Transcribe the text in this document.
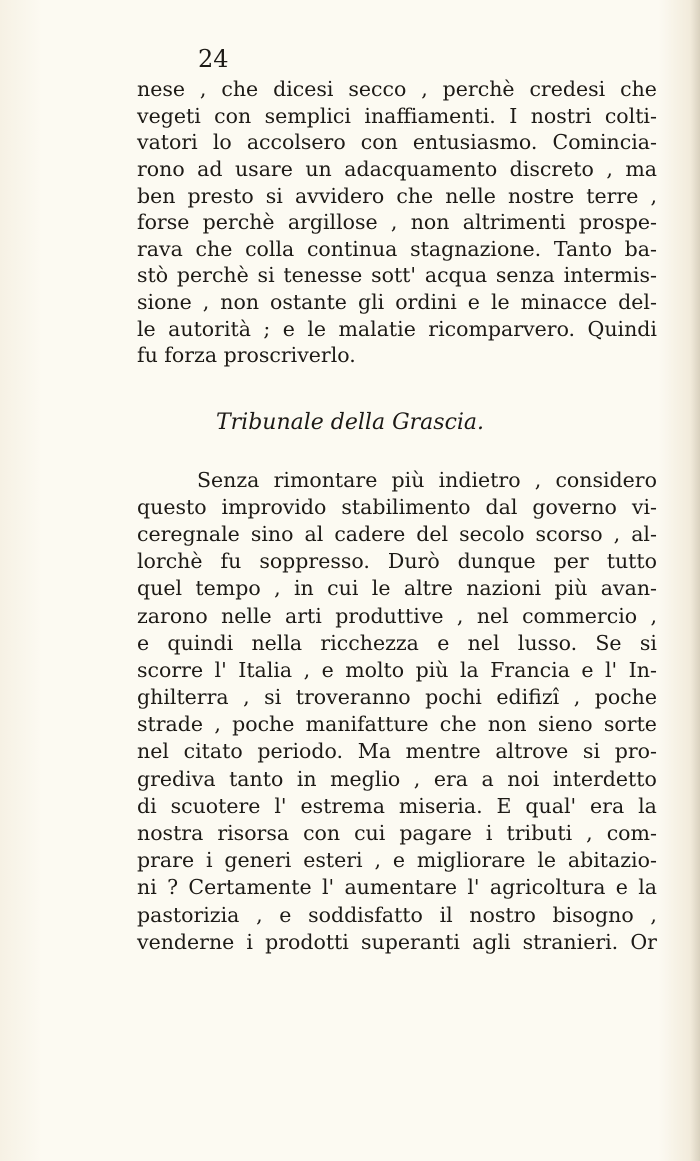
24
nese , che dicesi secco , perchè credesi che
vegeti con semplici inaffiamenti. I nostri colti-
vatori lo accolsero con entusiasmo. Comincia-
rono ad usare un adacquamento discreto , ma
ben presto si avvidero che nelle nostre terre ,
forse perchè argillose , non altrimenti prospe-
rava che colla continua stagnazione. Tanto ba-
stò perchè si tenesse sott' acqua senza intermis-
sione , non ostante gli ordini e le minacce del-
le autorità ; e le malatie ricomparvero. Quindi
fu forza proscriverlo.
Tribunale della Grascia.
Senza rimontare più indietro , considero
questo improvido stabilimento dal governo vi-
ceregnale sino al cadere del secolo scorso , al-
lorchè fu soppresso. Durò dunque per tutto
quel tempo , in cui le altre nazioni più avan-
zarono nelle arti produttive , nel commercio ,
e quindi nella ricchezza e nel lusso. Se si
scorre l' Italia , e molto più la Francia e l' In-
ghilterra , si troveranno pochi edifizî , poche
strade , poche manifatture che non sieno sorte
nel citato periodo. Ma mentre altrove si pro-
grediva tanto in meglio , era a noi interdetto
di scuotere l' estrema miseria. E qual' era la
nostra risorsa con cui pagare i tributi , com-
prare i generi esteri , e migliorare le abitazio-
ni ? Certamente l' aumentare l' agricoltura e la
pastorizia , e soddisfatto il nostro bisogno ,
venderne i prodotti superanti agli stranieri. Or
